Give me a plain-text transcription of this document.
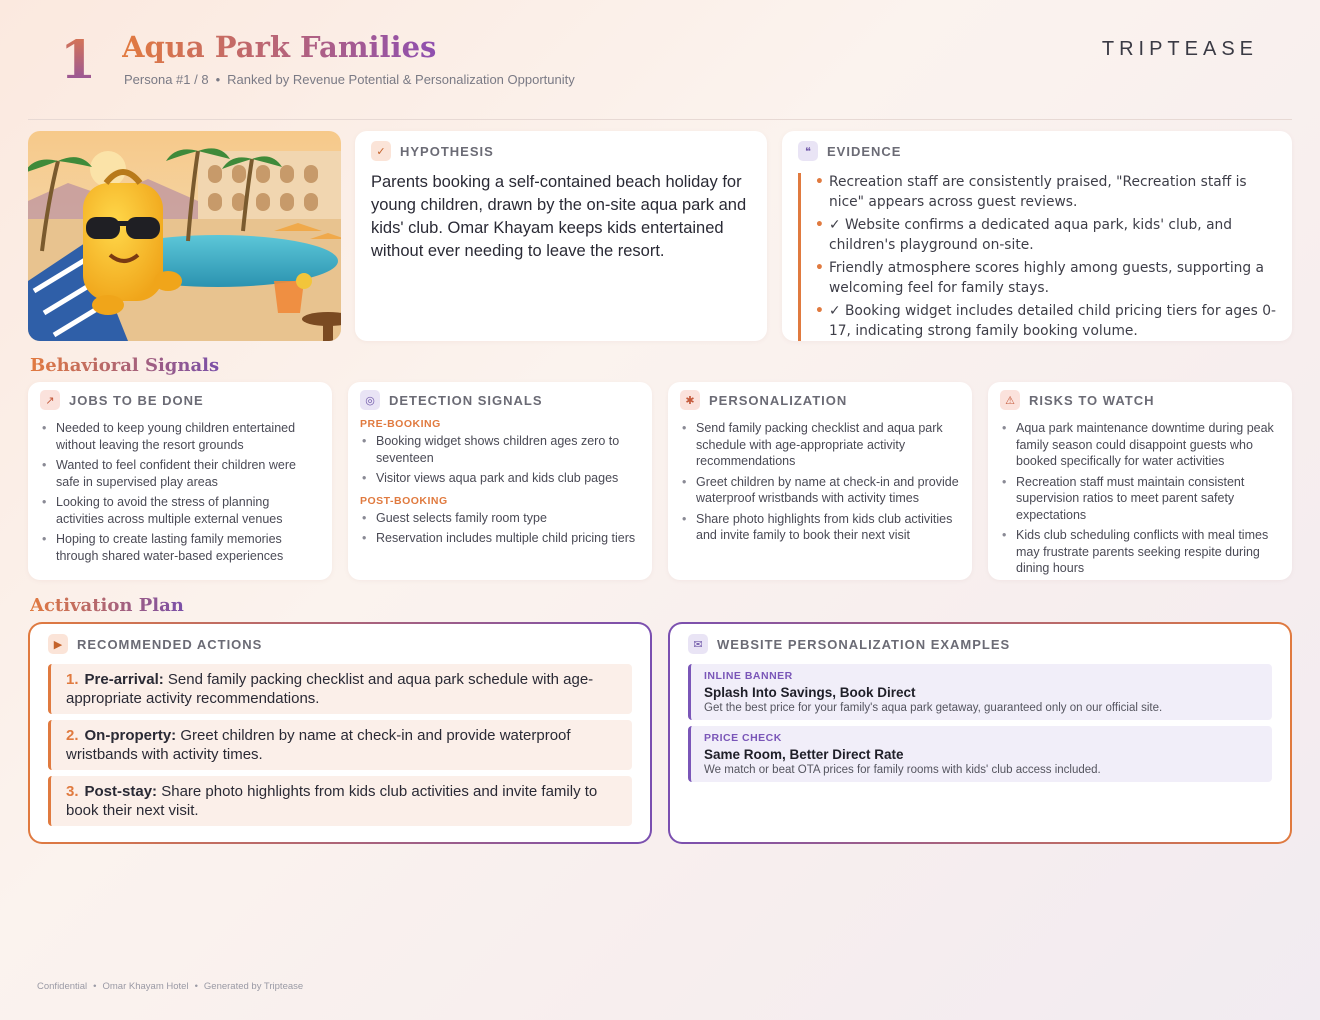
1 Aqua Park Families
Persona #1 / 8 • Ranked by Revenue Potential & Personalization Opportunity
TRIPTEASE
✓	HYPOTHESIS

Parents booking a self-contained beach holiday for young children, drawn by the on-site aqua park and kids' club. Omar Khayam keeps kids entertained without ever needing to leave the resort.

❝	EVIDENCE
• Recreation staff are consistently praised, "Recreation staff is nice" appears across guest reviews.
• ✓ Website confirms a dedicated aqua park, kids' club, and children's playground on-site.
• Friendly atmosphere scores highly among guests, supporting a welcoming feel for family stays.
• ✓ Booking widget includes detailed child pricing tiers for ages 0-17, indicating strong family booking volume.
Behavioral Signals
↗	JOBS TO BE DONE
• Needed to keep young children entertained without leaving the resort grounds
• Wanted to feel confident their children were safe in supervised play areas
• Looking to avoid the stress of planning activities across multiple external venues
• Hoping to create lasting family memories through shared water-based experiences
◎	DETECTION SIGNALS
PRE-BOOKING
• Booking widget shows children ages zero to seventeen
• Visitor views aqua park and kids club pages
POST-BOOKING
• Guest selects family room type
• Reservation includes multiple child pricing tiers
✱	PERSONALIZATION
• Send family packing checklist and aqua park schedule with age-appropriate activity recommendations
• Greet children by name at check-in and provide waterproof wristbands with activity times
• Share photo highlights from kids club activities and invite family to book their next visit
⚠	RISKS TO WATCH
• Aqua park maintenance downtime during peak family season could disappoint guests who booked specifically for water activities
• Recreation staff must maintain consistent supervision ratios to meet parent safety expectations
• Kids club scheduling conflicts with meal times may frustrate parents seeking respite during dining hours
Activation Plan
▶	RECOMMENDED ACTIONS
1. Pre-arrival: Send family packing checklist and aqua park schedule with age-appropriate activity recommendations.
2. On-property: Greet children by name at check-in and provide waterproof wristbands with activity times.
3. Post-stay: Share photo highlights from kids club activities and invite family to book their next visit.
✉	WEBSITE PERSONALIZATION EXAMPLES
INLINE BANNER
Splash Into Savings, Book Direct
Get the best price for your family's aqua park getaway, guaranteed only on our official site.
PRICE CHECK
Same Room, Better Direct Rate
We match or beat OTA prices for family rooms with kids' club access included.
Confidential • Omar Khayam Hotel • Generated by Triptease
